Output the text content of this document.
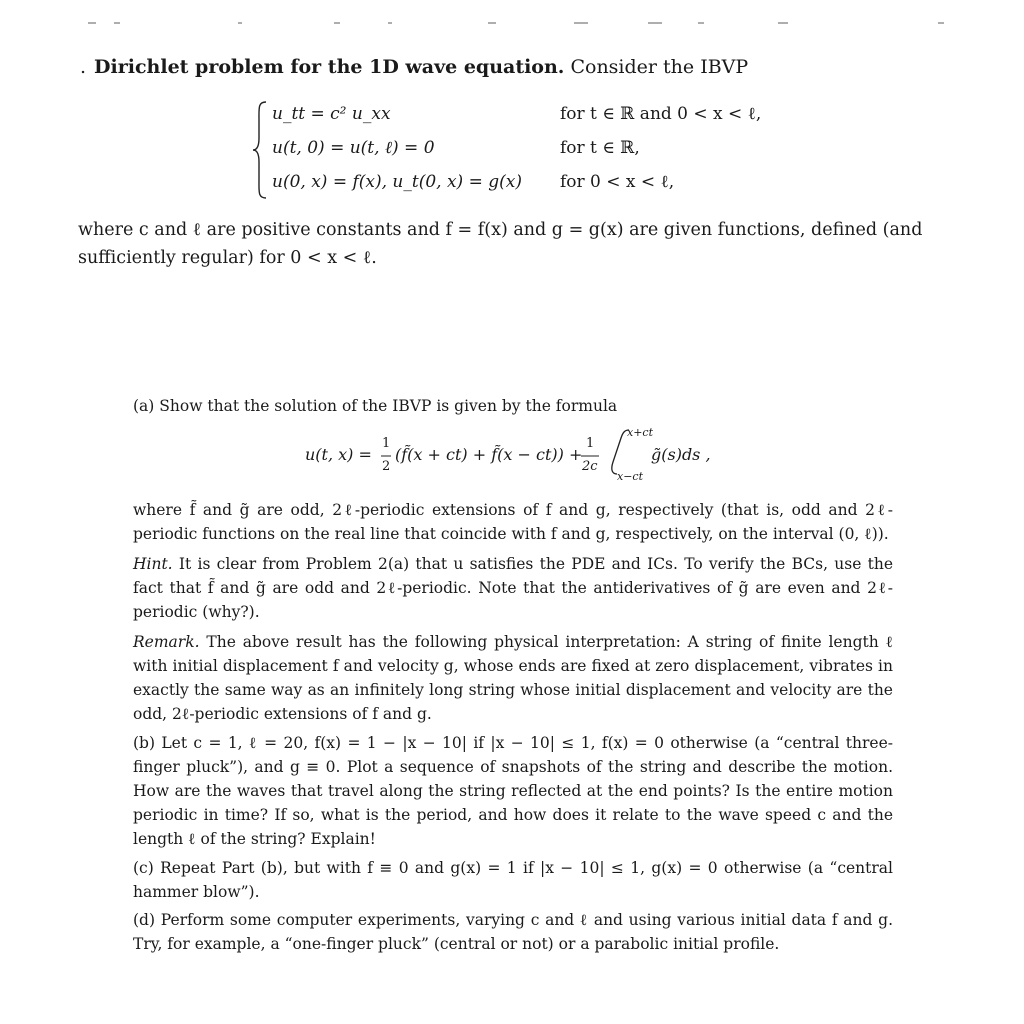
. Dirichlet problem for the 1D wave equation. Consider the IBVP
u_tt = c² u_xx	for t ∈ ℝ and 0 < x < ℓ,
u(t, 0) = u(t, ℓ) = 0	for t ∈ ℝ,
u(0, x) = f(x), u_t(0, x) = g(x) for 0 < x < ℓ,
where c and ℓ are positive constants and f = f(x) and g = g(x) are given functions, defined (and sufficiently regular) for 0 < x < ℓ.
(a) Show that the solution of the IBVP is given by the formula
u(t, x) =
1
2
(f̃(x + ct) + f̃(x − ct)) +
1
2c
x+ct
x−ct
g̃(s)ds ,
where f̃ and g̃ are odd, 2ℓ-periodic extensions of f and g, respectively (that is, odd and 2ℓ-periodic functions on the real line that coincide with f and g, respectively, on the interval (0, ℓ)).
Hint. It is clear from Problem 2(a) that u satisfies the PDE and ICs. To verify the BCs, use the fact that f̃ and g̃ are odd and 2ℓ-periodic. Note that the antiderivatives of g̃ are even and 2ℓ-periodic (why?).
Remark. The above result has the following physical interpretation: A string of finite length ℓ with initial displacement f and velocity g, whose ends are fixed at zero displacement, vibrates in exactly the same way as an infinitely long string whose initial displacement and velocity are the odd, 2ℓ-periodic extensions of f and g.
(b) Let c = 1, ℓ = 20, f(x) = 1 − |x − 10| if |x − 10| ≤ 1, f(x) = 0 otherwise (a “central three-finger pluck”), and g ≡ 0. Plot a sequence of snapshots of the string and describe the motion. How are the waves that travel along the string reflected at the end points? Is the entire motion periodic in time? If so, what is the period, and how does it relate to the wave speed c and the length ℓ of the string? Explain!
(c) Repeat Part (b), but with f ≡ 0 and g(x) = 1 if |x − 10| ≤ 1, g(x) = 0 otherwise (a “central hammer blow”).
(d) Perform some computer experiments, varying c and ℓ and using various initial data f and g. Try, for example, a “one-finger pluck” (central or not) or a parabolic initial profile.
